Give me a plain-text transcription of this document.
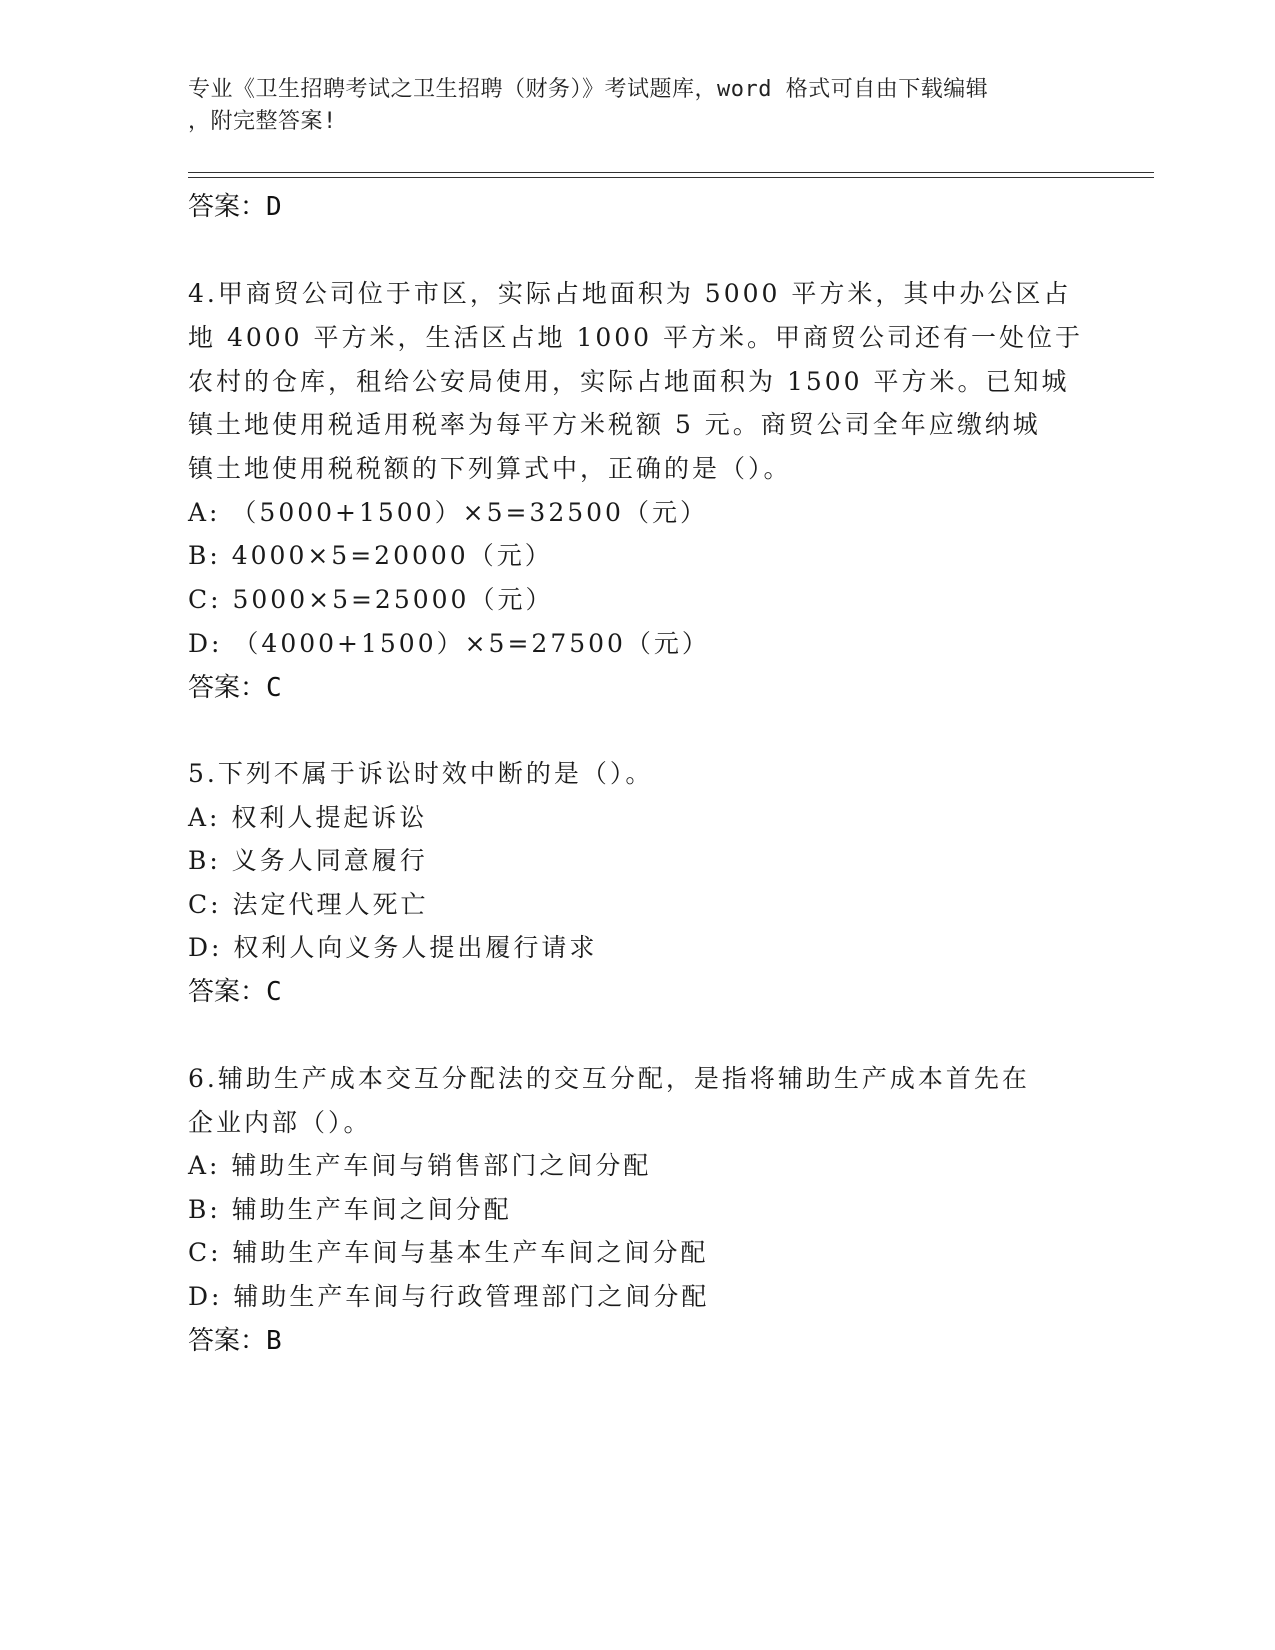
专业《卫生招聘考试之卫生招聘（财务）》考试题库，word 格式可自由下载编辑
，附完整答案!
答案：D
4.甲商贸公司位于市区，实际占地面积为 5000 平方米，其中办公区占
地 4000 平方米，生活区占地 1000 平方米。甲商贸公司还有一处位于
农村的仓库，租给公安局使用，实际占地面积为 1500 平方米。已知城
镇土地使用税适用税率为每平方米税额 5 元。商贸公司全年应缴纳城
镇土地使用税税额的下列算式中，正确的是（）。
A: （5000+1500）×5=32500（元）
B: 4000×5=20000（元）
C: 5000×5=25000（元）
D: （4000+1500）×5=27500（元）
答案：C
5.下列不属于诉讼时效中断的是（）。
A: 权利人提起诉讼
B: 义务人同意履行
C: 法定代理人死亡
D: 权利人向义务人提出履行请求
答案：C
6.辅助生产成本交互分配法的交互分配，是指将辅助生产成本首先在
企业内部（）。
A: 辅助生产车间与销售部门之间分配
B: 辅助生产车间之间分配
C: 辅助生产车间与基本生产车间之间分配
D: 辅助生产车间与行政管理部门之间分配
答案：B
